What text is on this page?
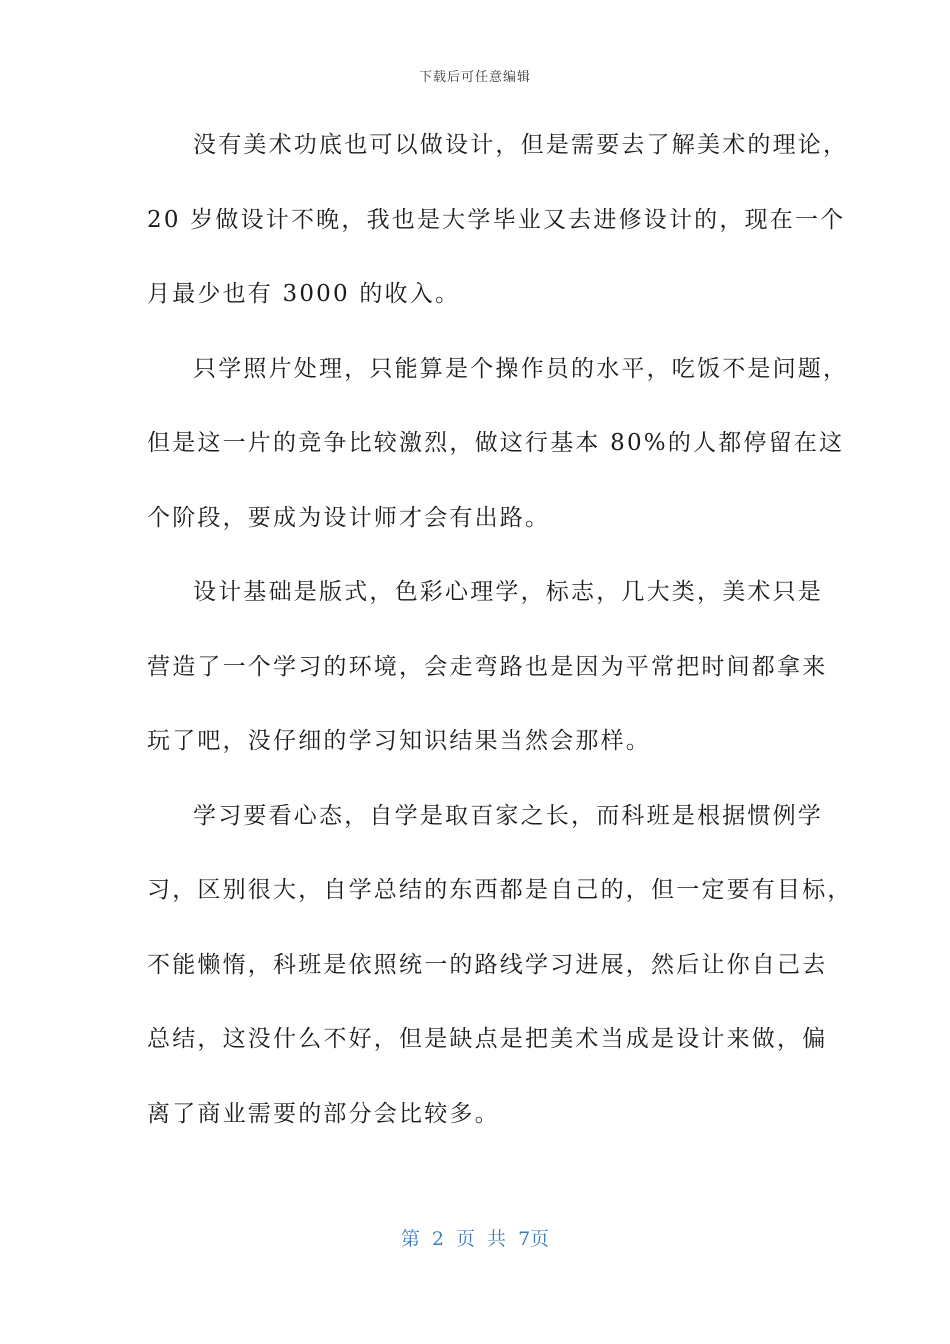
下载后可任意编辑
没有美术功底也可以做设计，但是需要去了解美术的理论，
20 岁做设计不晚，我也是大学毕业又去进修设计的，现在一个
月最少也有 3000 的收入。
只学照片处理，只能算是个操作员的水平，吃饭不是问题，
但是这一片的竞争比较激烈，做这行基本 80%的人都停留在这
个阶段，要成为设计师才会有出路。
设计基础是版式，色彩心理学，标志，几大类，美术只是
营造了一个学习的环境，会走弯路也是因为平常把时间都拿来
玩了吧，没仔细的学习知识结果当然会那样。
学习要看心态，自学是取百家之长，而科班是根据惯例学
习，区别很大，自学总结的东西都是自己的，但一定要有目标，
不能懒惰，科班是依照统一的路线学习进展，然后让你自己去
总结，这没什么不好，但是缺点是把美术当成是设计来做，偏
离了商业需要的部分会比较多。
第 2 页 共 7页
